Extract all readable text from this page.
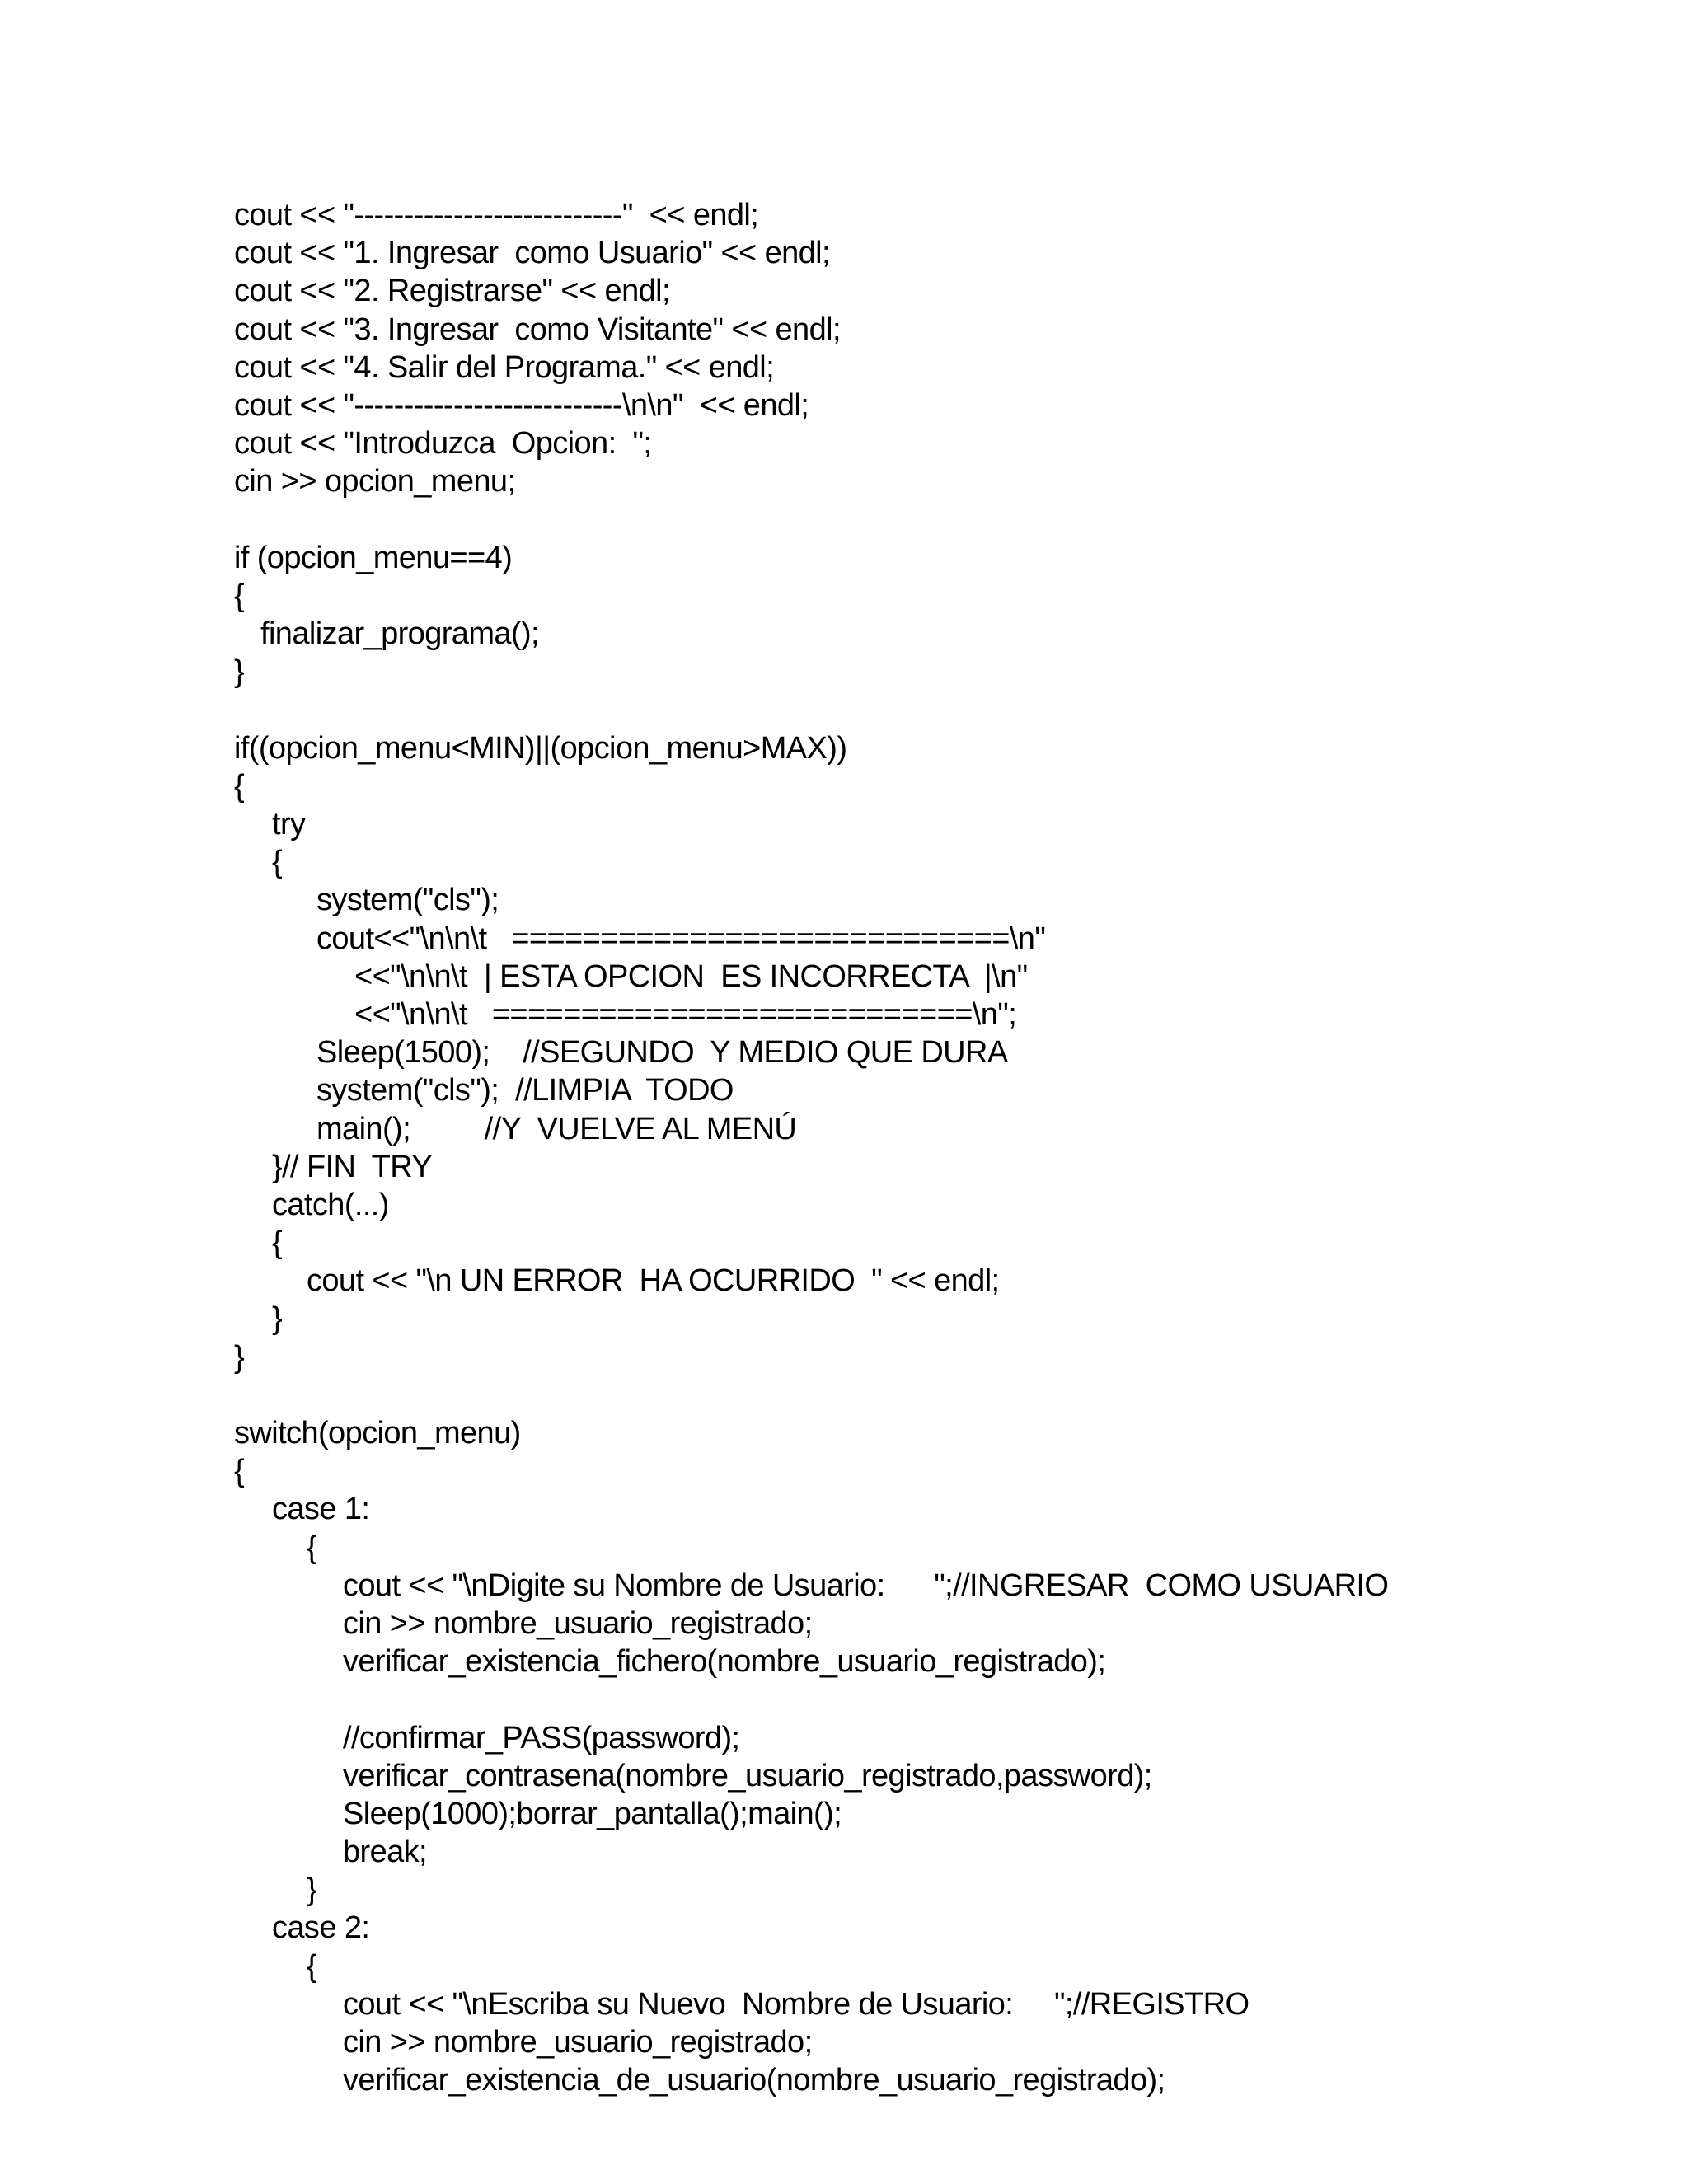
cout << "---------------------------"  << endl;
cout << "1. Ingresar  como Usuario" << endl;
cout << "2. Registrarse" << endl;
cout << "3. Ingresar  como Visitante" << endl;
cout << "4. Salir del Programa." << endl;
cout << "---------------------------\n\n"  << endl;
cout << "Introduzca  Opcion:  ";
cin >> opcion_menu;
if (opcion_menu==4)
{
finalizar_programa();
}
if((opcion_menu<MIN)||(opcion_menu>MAX))
{
try
{
system("cls");
cout<<"\n\n\t   ============================\n"
<<"\n\n\t  | ESTA OPCION  ES INCORRECTA  |\n"
<<"\n\n\t   ===========================\n";
Sleep(1500);    //SEGUNDO  Y MEDIO QUE DURA
system("cls");  //LIMPIA  TODO
main();         //Y  VUELVE AL MENÚ
}// FIN  TRY
catch(...)
{
cout << "\n UN ERROR  HA OCURRIDO  " << endl;
}
}
switch(opcion_menu)
{
case 1:
{
cout << "\nDigite su Nombre de Usuario:      ";//INGRESAR  COMO USUARIO
cin >> nombre_usuario_registrado;
verificar_existencia_fichero(nombre_usuario_registrado);
//confirmar_PASS(password);
verificar_contrasena(nombre_usuario_registrado,password);
Sleep(1000);borrar_pantalla();main();
break;
}
case 2:
{
cout << "\nEscriba su Nuevo  Nombre de Usuario:     ";//REGISTRO
cin >> nombre_usuario_registrado;
verificar_existencia_de_usuario(nombre_usuario_registrado);
